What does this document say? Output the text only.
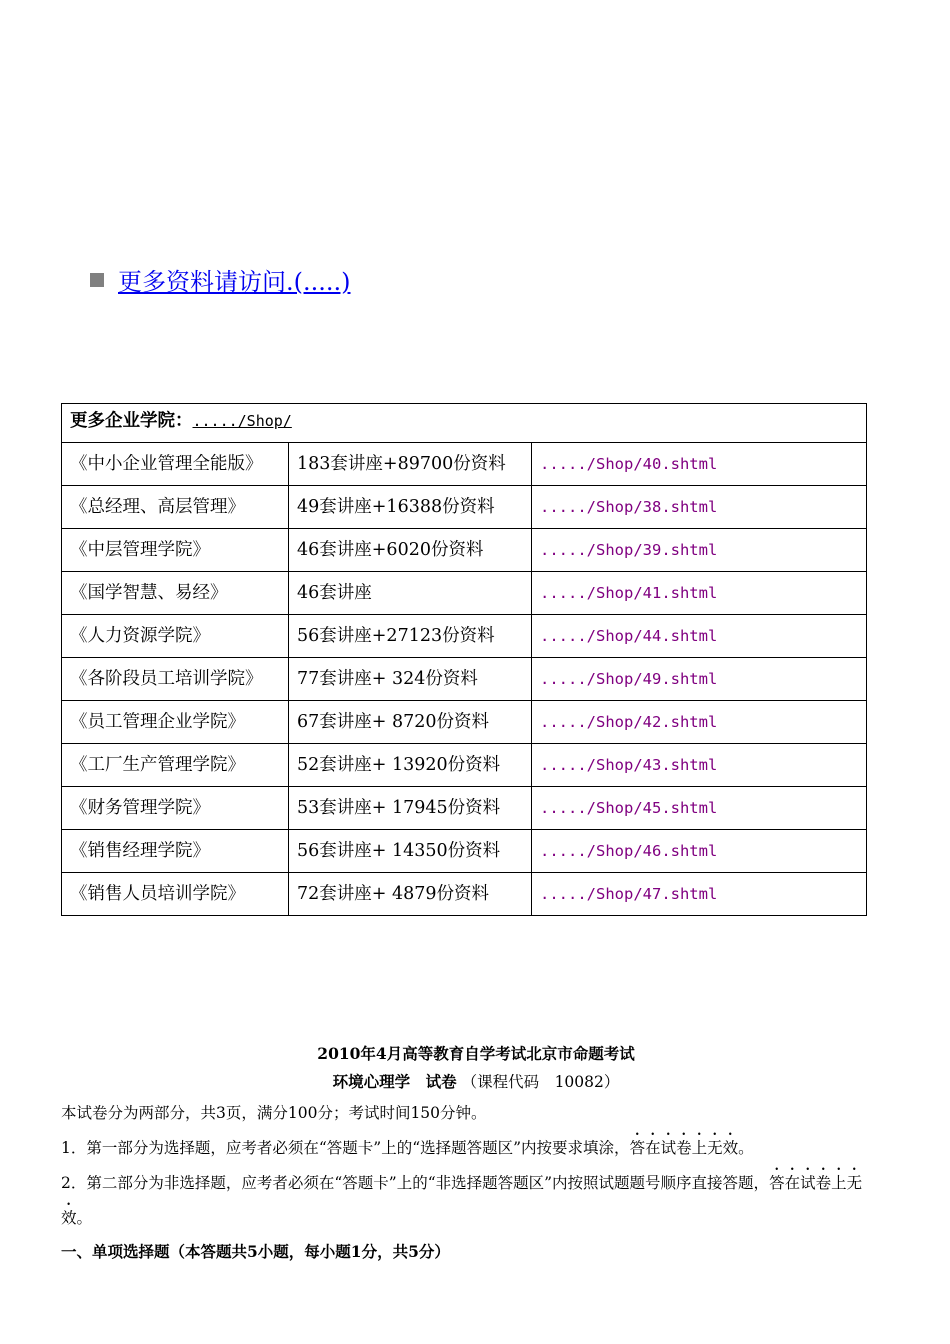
更多资料请访问.(.....)
更多企业学院：...../Shop/		
《中小企业管理全能版》	183套讲座+89700份资料	...../Shop/40.shtml
《总经理、高层管理》	49套讲座+16388份资料	...../Shop/38.shtml
《中层管理学院》	46套讲座+6020份资料	...../Shop/39.shtml
《国学智慧、易经》	46套讲座	...../Shop/41.shtml
《人力资源学院》	56套讲座+27123份资料	...../Shop/44.shtml
《各阶段员工培训学院》	77套讲座+ 324份资料	...../Shop/49.shtml
《员工管理企业学院》	67套讲座+ 8720份资料	...../Shop/42.shtml
《工厂生产管理学院》	52套讲座+ 13920份资料	...../Shop/43.shtml
《财务管理学院》	53套讲座+ 17945份资料	...../Shop/45.shtml
《销售经理学院》	56套讲座+ 14350份资料	...../Shop/46.shtml
《销售人员培训学院》	72套讲座+ 4879份资料	...../Shop/47.shtml

2010年4月高等教育自学考试北京市命题考试

环境心理学　试卷 （课程代码　10082）

本试卷分为两部分，共3页，满分100分；考试时间150分钟。

1．第一部分为选择题，应考者必须在“答题卡”上的“选择题答题区”内按要求填涂，答在试卷上无效。

2．第二部分为非选择题，应考者必须在“答题卡”上的“非选择题答题区”内按照试题题号顺序直接答题，答在试卷上无效。

一、单项选择题（本答题共5小题，每小题1分，共5分）
